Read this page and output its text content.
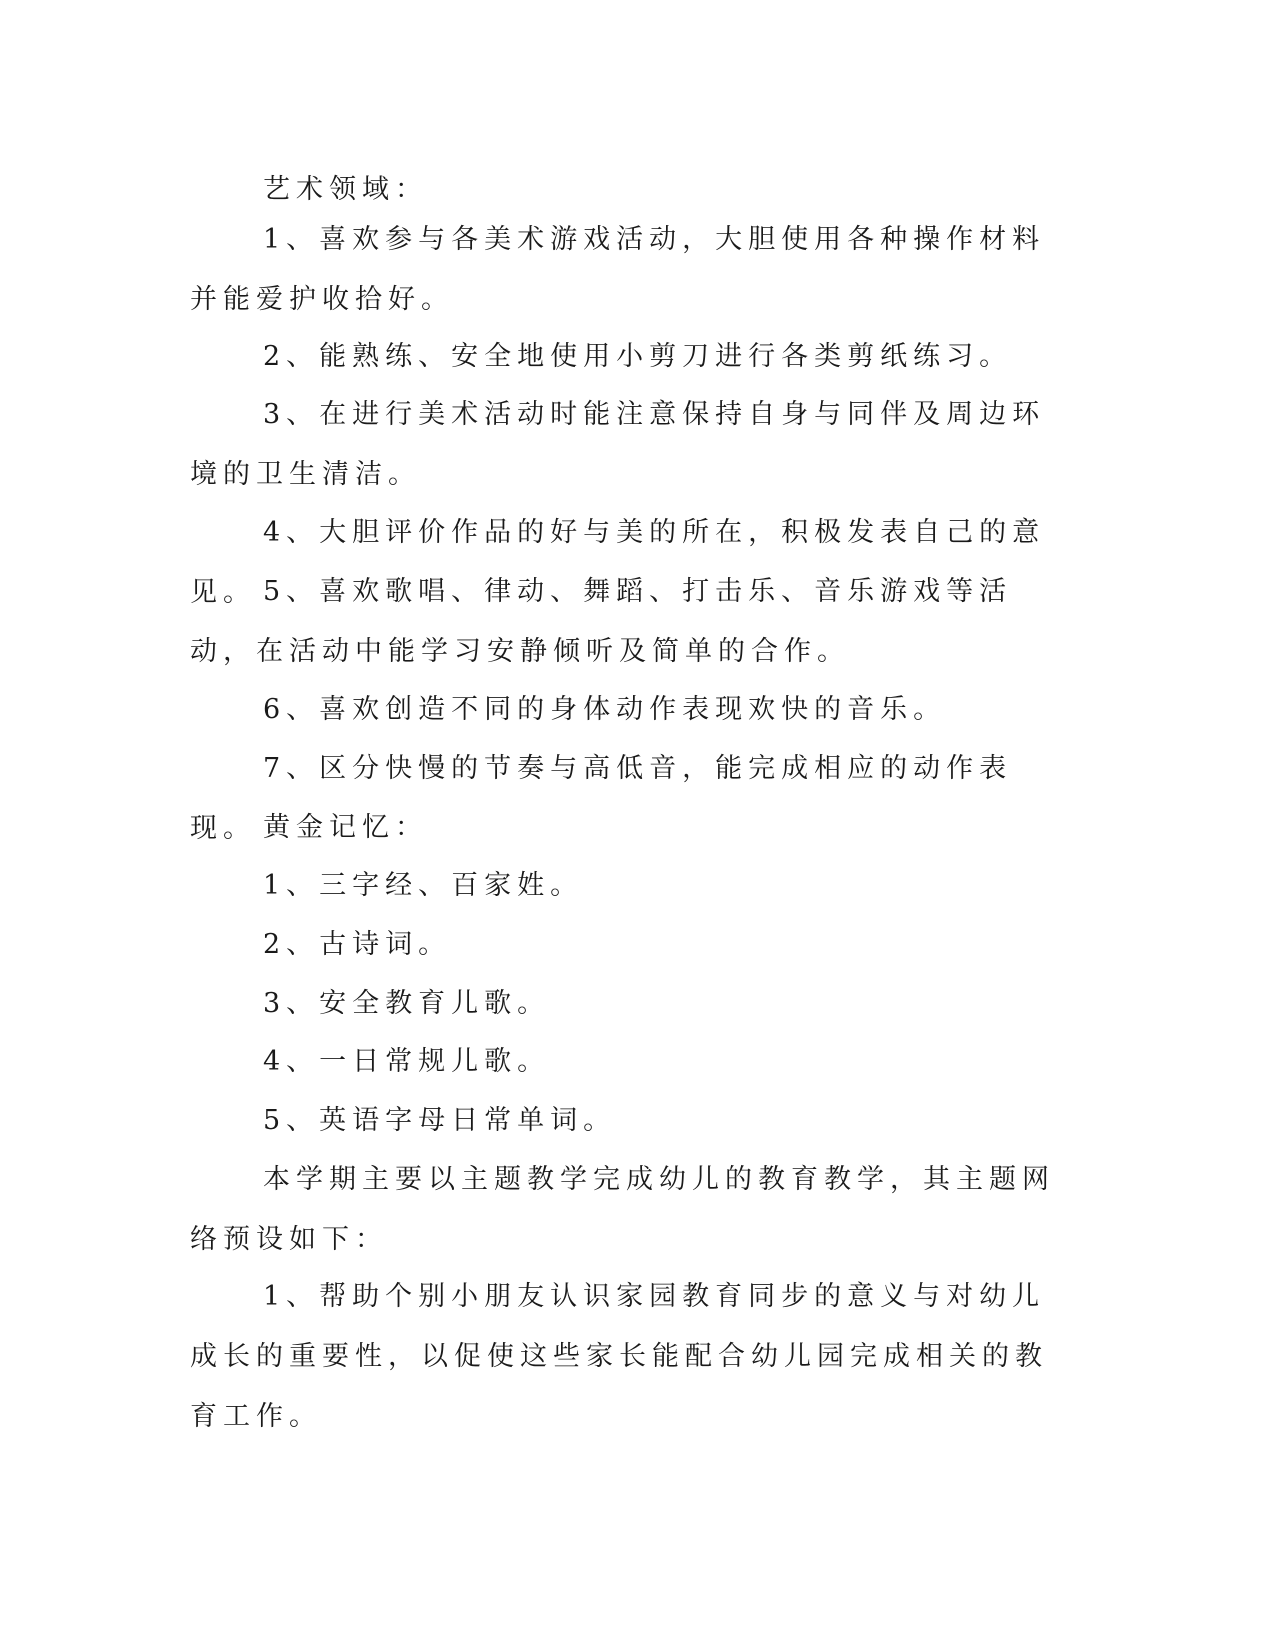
艺术领域：

1、喜欢参与各美术游戏活动，大胆使用各种操作材料并能爱护收拾好。

2、能熟练、安全地使用小剪刀进行各类剪纸练习。

3、在进行美术活动时能注意保持自身与同伴及周边环境的卫生清洁。

4、大胆评价作品的好与美的所在，积极发表自己的意见。 5、喜欢歌唱、律动、舞蹈、打击乐、音乐游戏等活动，在活动中能学习安静倾听及简单的合作。

6、喜欢创造不同的身体动作表现欢快的音乐。

7、区分快慢的节奏与高低音，能完成相应的动作表现。 黄金记忆：

1、三字经、百家姓。

2、古诗词。

3、安全教育儿歌。

4、一日常规儿歌。

5、英语字母日常单词。

本学期主要以主题教学完成幼儿的教育教学，其主题网络预设如下：

1、帮助个别小朋友认识家园教育同步的意义与对幼儿成长的重要性，以促使这些家长能配合幼儿园完成相关的教育工作。
